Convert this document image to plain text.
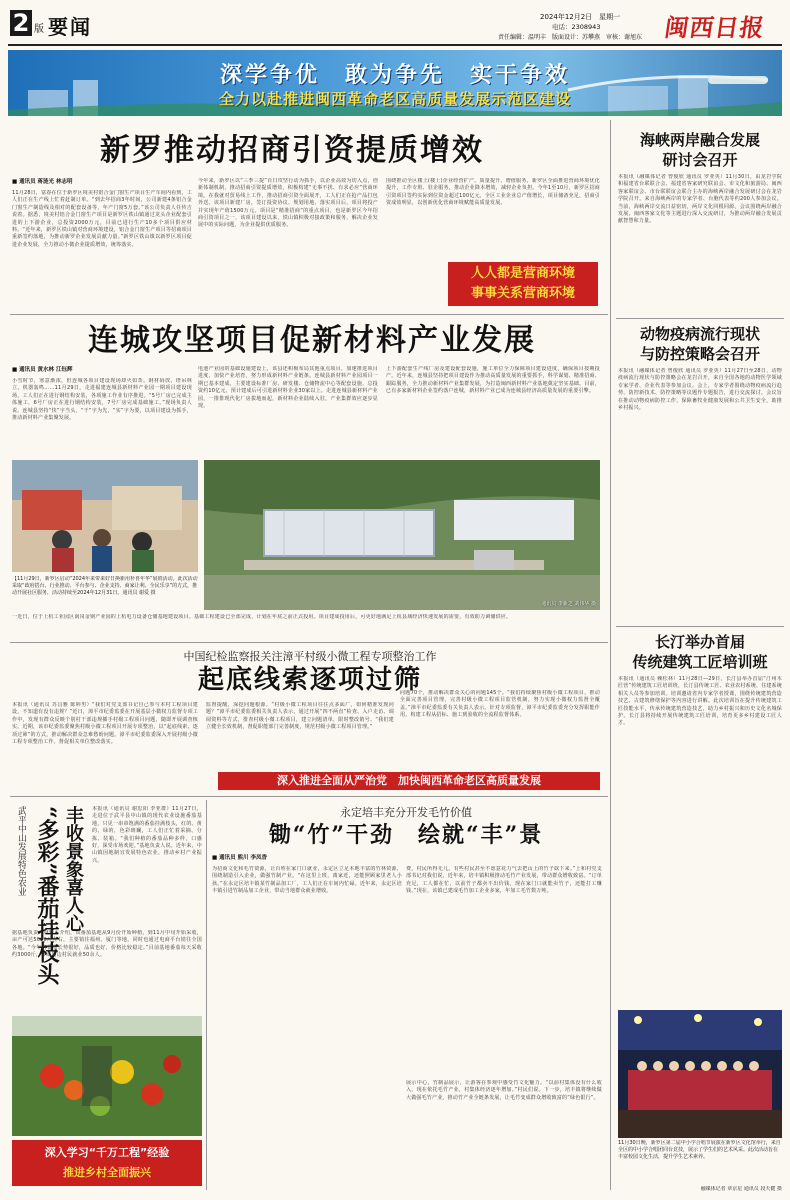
2 版 要闻	2024年12月2日　星期一
电话：2308943
责任编辑：温明丰　版面设计：苏攀燕　审核：谢旭东 闽西日报
深学争优　敢为争先　实干争效
全力以赴推进闽西革命老区高质量发展示范区建设
新罗推动招商引资提质增效
■ 通讯员 蒋涟光 林志明
11月28日，富春在位于新罗区境美村铝合金门窗生产项目生产车间内看到，工人们正在生产线上忙着赶制订单。“到去年招商3年时间，公司新建4条铝合金门窗生产制造线及相对的配套设备等，年产门窗5万套。”该公司负责人任传吉说着。据悉，境美村铝合金门窗生产项目是新罗区铁山镇通过龙头企业配套引进的上下游企业，总投资2000万元，目前已进行生产10多个项目供应材料。“近年来，新罗区铁山镇对营商环境建设，铝合金门窗生产项目等招商项目重新签约落地，为推动新罗企业发展贡献力量。”新罗区铁山镇以新罗区项目促进企业发展，全力推动小微企业提质增效，统筹落实。
今年来，新罗区以“三季三提”百日攻坚行动为抓手，以企业高效为切入点，创新体制机制，推动招商引资提质增效，积极构建“无事不扰、有求必应”营商环境。在我就对贸易线上工作，推动招商引资全面展开，工人们正在抢产品打包外送。该项目新建厂房，签订投资协议、规划用地、落实项目后，项目将投产并实现年产值1500万元。项目是“精准招商”的重点项目，也是新罗区今年招商引资项目之一，该项目建设以来，铁山镇积极对接政策和服务，解决企业发展中的实际问题，为企业提供优质服务。
围绕推动全区楼上(楼上)企业经营扩产、质量提升、增值服务，新罗区全面推进营商环境优化提升，工作专班、驻企服务，推动企业降本增效，减轻企业负担。今年1至10月，新罗区招商引资项目签约实际到位资金超过100亿元，全区工业企业总产值增长，项目储备充足，招商引资成效明显，以创新优化营商环境赋能高质量发展。
人人都是营商环境
事事关系营商环境
连城攻坚项目促新材料产业发展
■ 通讯员 黄水林 江钰辉
小雪时节，寒意渐浓，但连城各项目建设现场却火如荼。钢材码放、塔吊林立，机器轰鸣……11月29日，走进福建连城县新材料产业园一期项目建设现场，工人们正在进行钢结构安装，各项施工作业有序推进。“5号厂房已完成主体施工，6号厂房正在进行钢结构安装，7号厂房完成基础施工。”现场负责人说。连城县坚持“快”字当头，“干”字为先，“实”字为要，以项目建设为抓手，推动新材料产业集聚发展。
电池产业园的基础设施建设上，该县还积极布局其他重点项目，加速推进项目进度、加快产业培育，努力形成新材料产业链条。连城县新材料产业园项目一期已基本建成，主要建设标准厂房、研发楼、仓储物流中心等配套设施，总投资约10亿元，预计建成后可引进新材料企业30家以上。走进连城县新材料产业园，一排排现代化厂房拔地而起，新材料企业陆续入驻，产业集群效应逐步显现。
上下游配套生产线厂房及建设配套设施，施工单位全力保障项目建设进度，确保项目按期投产。近年来，连城县坚持把项目建设作为推动高质量发展的重要抓手，科学谋划、精准招商、跟踪服务，全力推动新材料产业集群发展，为打造闽西新材料产业基地奠定坚实基础。目前，已有多家新材料企业签约落户连城，新材料产业已成为连城县经济高质量发展的重要引擎。
【11月29日，新罗区启动“2024年来带来好日换新用补喜年华”展销活动。此次活动采取“政府搭台、行业推动、平台参与、企业支持、商家让利、全民乐享”的方式，推动开展社区服务，活动持续至2024年12月31日。通讯员 谢爱 摄
通讯员 李新芝 刘伟华 摄
一近日，位于上杭工业园区南岗金钢产业园的上杭电力设备仓储基地建设项目。基础工程建设已全部完成，计划在年底之前正式投用。项目建成投用后，可更好地满足上杭县域经济快速发展的需要，有效助力调储供应。
中国纪检监察报关注漳平村级小微工程专项整治工作
起底线索逐项过筛
本报讯（通讯员 苏昌雅 陈婷男）“我们对党支部书记自己参与本村工程项目建设，不知道有没有违规？”近日，漳平市纪委监委在开展基层小微权力监督专项工作中，发现有群众反映个别村干部违规插手村级工程项目问题，随即开展调查核实。近期，该市纪委监委聚焦村级小微工程项目开展专项整治，以“起底线索、逐项过筛”的方式，推动解决群众急难愁盼问题。漳平市纪委监委深入开展村级小微工程专项整治工作，督促相关单位整改落实。
监督提醒，深挖问题根源。“村级小微工程项目往往点多面广，如何精准发现问题？”漳平市纪委监委相关负责人表示，通过开展“四不两直”检查、入户走访、调阅资料等方式，排查村级小微工程项目，建立问题清单，限时整改销号。“我们建立健全长效机制，督促职能部门完善制度，规范村级小微工程项目管理。”
问题70个，推动解决群众关心的问题145个。“我们持续聚焦村级小微工程项目，推动全面完善项目管理，完善村级小微工程项目监管机制，努力实现小微权力监督全覆盖。”漳平市纪委监委有关负责人表示。针对专项监督，漳平市纪委监委充分发挥职能作用，构建工程从招标、施工到验收的全流程监督体系。
深入推进全面从严治党　加快闽西革命老区高质量发展
武平中山发展特色农业 丰收景象喜人心
“多彩”番茄挂枝头	本报讯（通讯员 谢思阳 李亚群）11月27日，走进位于武平县中山镇的现代农业设施番茄基地，只见一串串饱满的番茄挂满枝头，红的、黄的、绿的，色彩斑斓，工人们正忙着采摘、分拣、装箱。“我们种植的番茄品种多样，口感好，深受市场欢迎。”基地负责人说。近年来，中山镇因地制宜发展特色农业，推动乡村产业振兴。
据基地负责人林魁平介绍，该番茄基地从9月份开始种植，到11月中旬开始采收，亩产可达5000斤左右，主要销往福州、厦门等地，同时也通过电商平台销往全国各地。“今年的番茄长势很好，品质也好，价格比较稳定。”目前基地番茄每天采收约3000斤，带动周边村民就业50余人。
深入学习“千万工程”经验
推进乡村全面振兴
永定培丰充分开发毛竹价值
锄“竹”干劲　绘就“丰”景
■ 通讯员 熊川 李凤香
为招商文化和毛竹资源，让百姓在家门口就业，永定区立足本地丰富的竹林资源，围绕制造引入企业，做强竹制产业。“在这里上班，离家近，还能照顾家里老人小孩。”在永定区培丰镇某竹制品加工厂，工人们正在车间内忙碌。近年来，永定区培丰镇引进竹制品加工企业，带动当地群众就业增收。
费，村民所得无几。有些村民甚至不愿意花力气去把山上的竹子砍下来。”上和村党支部书记对我们说，近年来，培丰镇积极推动毛竹产业发展，带动群众增收致富。“订单充足，工人都在忙，以前竹子都卖不出价钱，现在家门口就能卖竹子，还能打工赚钱。”现在，该镇已建成毛竹加工企业多家，年加工毛竹数万吨。
展示中心，竹制品展示，让游客在参观中感受竹文化魅力。“以前村集体没有什么收入，现在依托毛竹产业，村集体经济逐年增加。”村民们说。下一步，培丰镇将继续做大做强毛竹产业，推动竹产业全链条发展，让毛竹变成群众增收致富的“绿色银行”。
海峡两岸融合发展
研讨会召开
本报讯（融媒体记者 曾俊欣 通讯员 罗亚英）11月30日，由龙岩学院和福建省台联联合会、福建省客家研究联谊会、市文化和旅游局、闽西客家联谊会、市台联联谊会联合主办的海峡两岸融合发展研讨会在龙岩学院召开。来自海峡两岸的专家学者、台胞代表等约200人参加会议。当前，海峡两岸交流日益密切，两岸文化同根同源。会议围绕两岸融合发展、闽西客家文化等主题进行深入交流研讨，为推动两岸融合发展贡献智慧和力量。
动物疫病流行现状
与防控策略会召开
本报讯（融媒体记者 曾俊欣 通讯员 罗亚英）11月27日至28日，动物疫病流行现状与防控策略会在龙岩召开，来自全国各地的动物医学领域专家学者、企业代表等参加会议。会上，专家学者围绕动物疫病流行趋势、防控新技术、防控策略等议题作专题报告，进行交流探讨。会议旨在推动动物疫病防控工作，保障畜牧业健康发展和公共卫生安全，助推乡村振兴。
长汀举办首届
传统建筑工匠培训班
本报讯（通讯员 赖松林）11月28日—29日，长汀县举办首届“汀州木匠营”传统建筑工匠培训班，长汀县传统工匠、农业农村系统、住建系统相关人员等参加培训。培训邀请省内专家学者授课，围绕传统建筑营造技艺、古建筑修缮保护等内容进行讲解。此次培训旨在提升传统建筑工匠技能水平，传承传统建筑营造技艺，助力乡村振兴和历史文化名城保护。长汀县将持续开展传统建筑工匠培训，培育更多乡村建设工匠人才。
11月30日晚，新罗区第二届中小学合唱节展演在新罗区文化馆举行，来自全区的中小学合唱团同台竞技，展示了学生们的艺术风采。此次活动旨在丰富校园文化生活，提升学生艺术素养。
融媒体记者 章京星 通讯员 段天健 摄
